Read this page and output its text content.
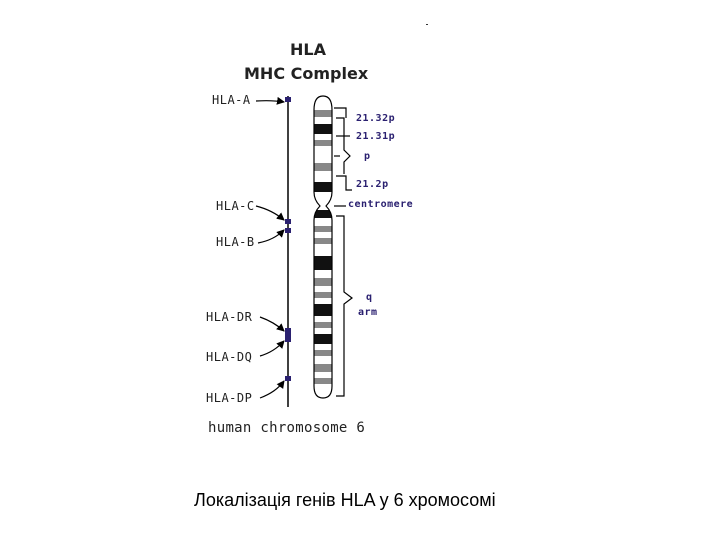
HLA
MHC Complex
HLA-A
HLA-C
HLA-B
HLA-DR
HLA-DQ
HLA-DP
21.32p
21.31p
p
21.2p
centromere
q
arm
human chromosome 6
Локалізація генів HLA у 6 хромосомі
